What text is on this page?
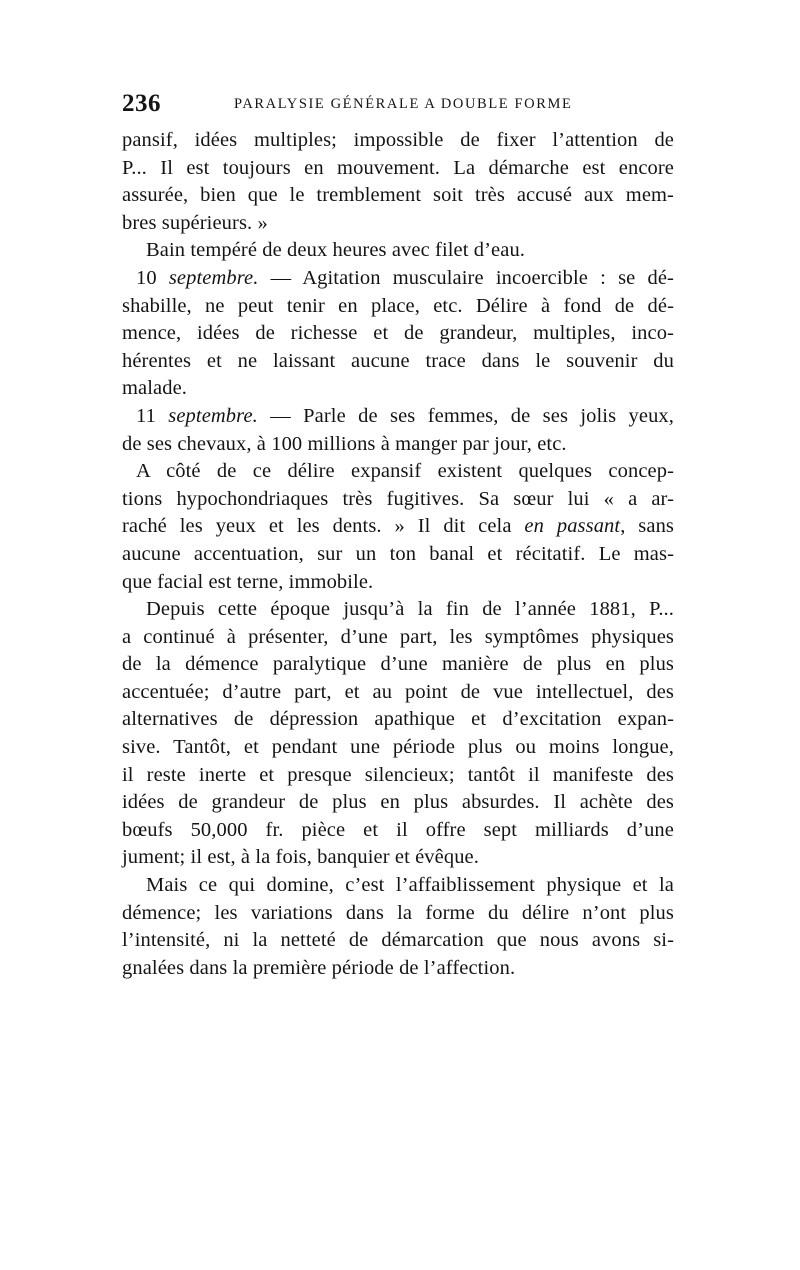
236	PARALYSIE GÉNÉRALE A DOUBLE FORME
pansif, idées multiples; impossible de fixer l’attention de
P... Il est toujours en mouvement. La démarche est encore
assurée, bien que le tremblement soit très accusé aux mem-
bres supérieurs. »
Bain tempéré de deux heures avec filet d’eau.
10 septembre. — Agitation musculaire incoercible : se dé-
shabille, ne peut tenir en place, etc. Délire à fond de dé-
mence, idées de richesse et de grandeur, multiples, inco-
hérentes et ne laissant aucune trace dans le souvenir du
malade.
11 septembre. — Parle de ses femmes, de ses jolis yeux,
de ses chevaux, à 100 millions à manger par jour, etc.
A côté de ce délire expansif existent quelques concep-
tions hypochondriaques très fugitives. Sa sœur lui « a ar-
raché les yeux et les dents. » Il dit cela en passant, sans
aucune accentuation, sur un ton banal et récitatif. Le mas-
que facial est terne, immobile.
Depuis cette époque jusqu’à la fin de l’année 1881, P...
a continué à présenter, d’une part, les symptômes physiques
de la démence paralytique d’une manière de plus en plus
accentuée; d’autre part, et au point de vue intellectuel, des
alternatives de dépression apathique et d’excitation expan-
sive. Tantôt, et pendant une période plus ou moins longue,
il reste inerte et presque silencieux; tantôt il manifeste des
idées de grandeur de plus en plus absurdes. Il achète des
bœufs 50,000 fr. pièce et il offre sept milliards d’une
jument; il est, à la fois, banquier et évêque.
Mais ce qui domine, c’est l’affaiblissement physique et la
démence; les variations dans la forme du délire n’ont plus
l’intensité, ni la netteté de démarcation que nous avons si-
gnalées dans la première période de l’affection.
